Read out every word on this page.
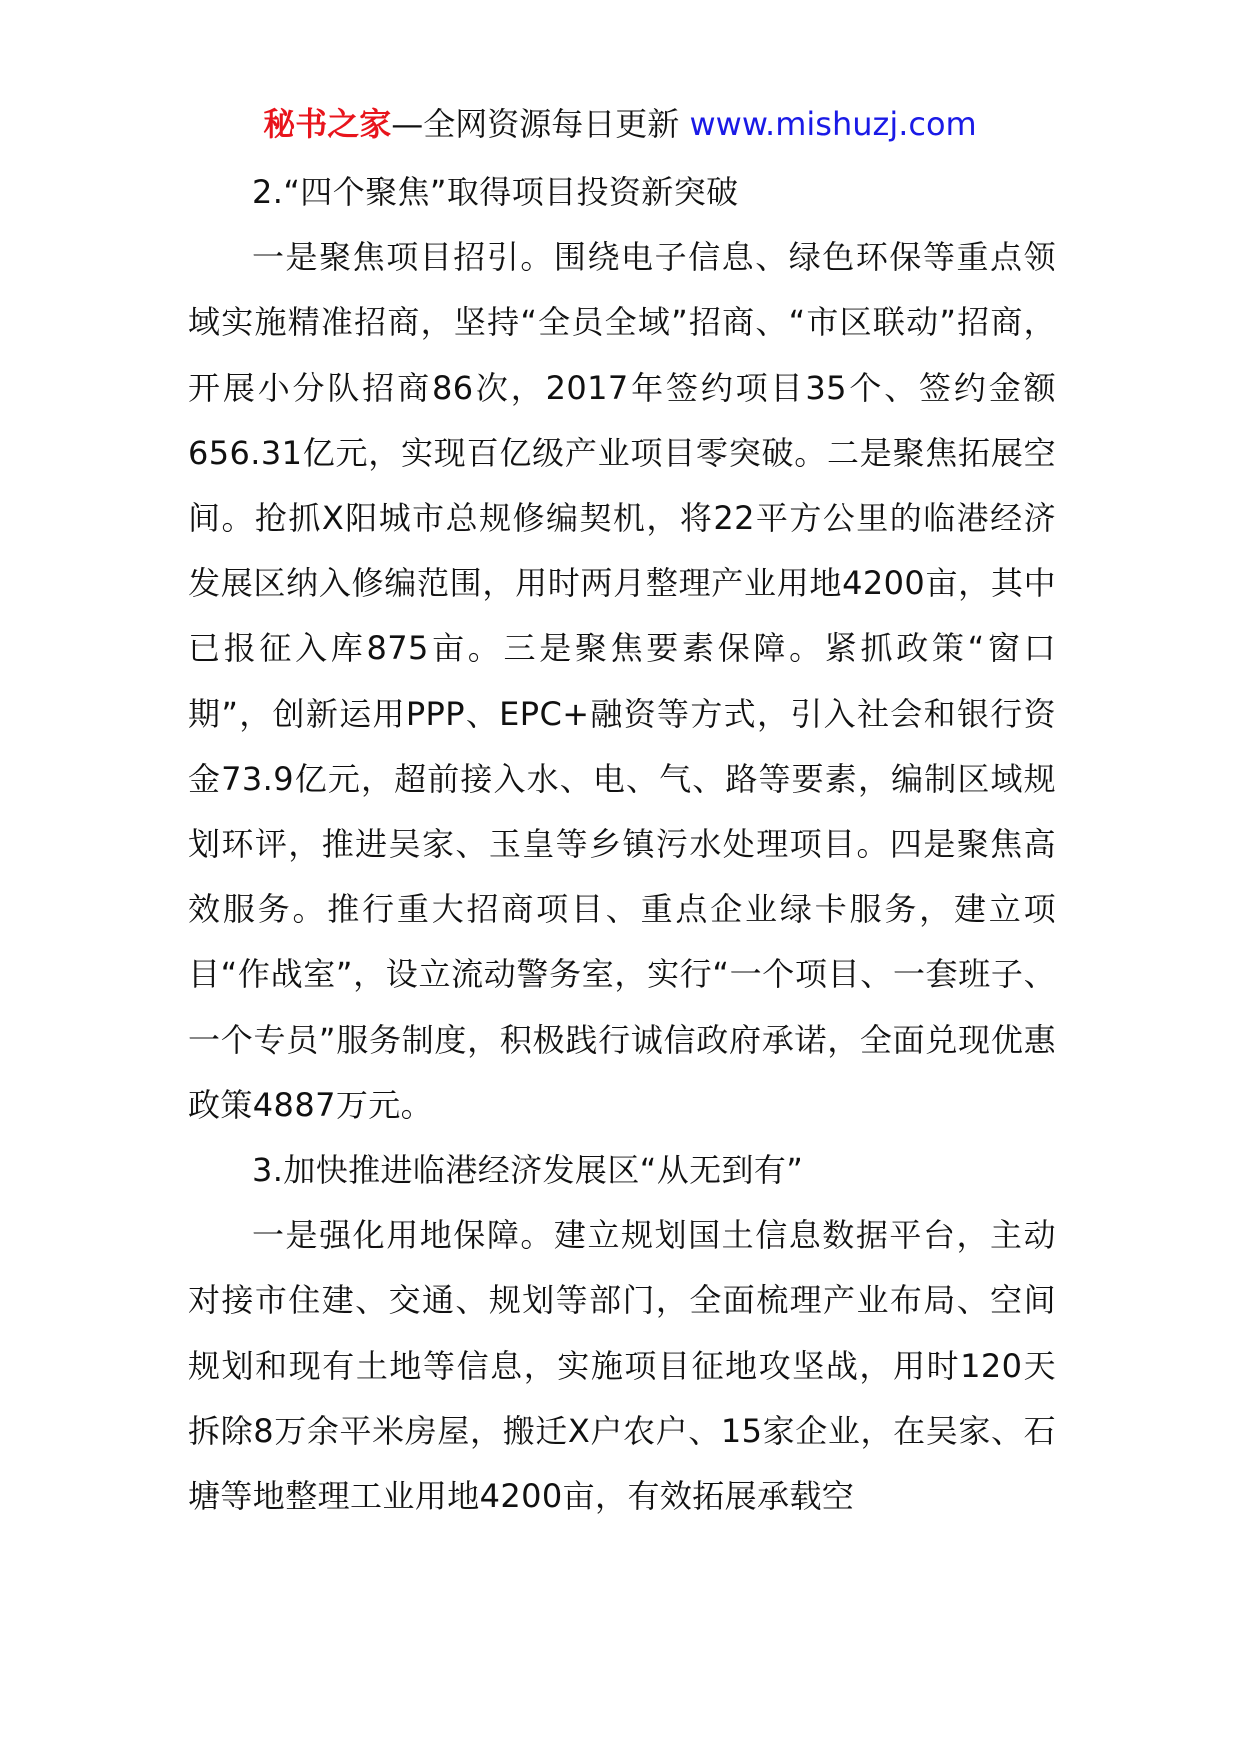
秘书之家—全网资源每日更新 www.mishuzj.com

2.“四个聚焦”取得项目投资新突破

一是聚焦项目招引。围绕电子信息、绿色环保等重点领域实施精准招商，坚持“全员全域”招商、“市区联动”招商，开展小分队招商86次，2017年签约项目35个、签约金额656.31亿元，实现百亿级产业项目零突破。二是聚焦拓展空间。抢抓X阳城市总规修编契机，将22平方公里的临港经济发展区纳入修编范围，用时两月整理产业用地4200亩，其中已报征入库875亩。三是聚焦要素保障。紧抓政策“窗口期”，创新运用PPP、EPC+融资等方式，引入社会和银行资金73.9亿元，超前接入水、电、气、路等要素，编制区域规划环评，推进吴家、玉皇等乡镇污水处理项目。四是聚焦高效服务。推行重大招商项目、重点企业绿卡服务，建立项目“作战室”，设立流动警务室，实行“一个项目、一套班子、一个专员”服务制度，积极践行诚信政府承诺，全面兑现优惠政策4887万元。

3.加快推进临港经济发展区“从无到有”

一是强化用地保障。建立规划国土信息数据平台，主动对接市住建、交通、规划等部门，全面梳理产业布局、空间规划和现有土地等信息，实施项目征地攻坚战，用时120天拆除8万余平米房屋，搬迁X户农户、15家企业，在吴家、石塘等地整理工业用地4200亩，有效拓展承载空
